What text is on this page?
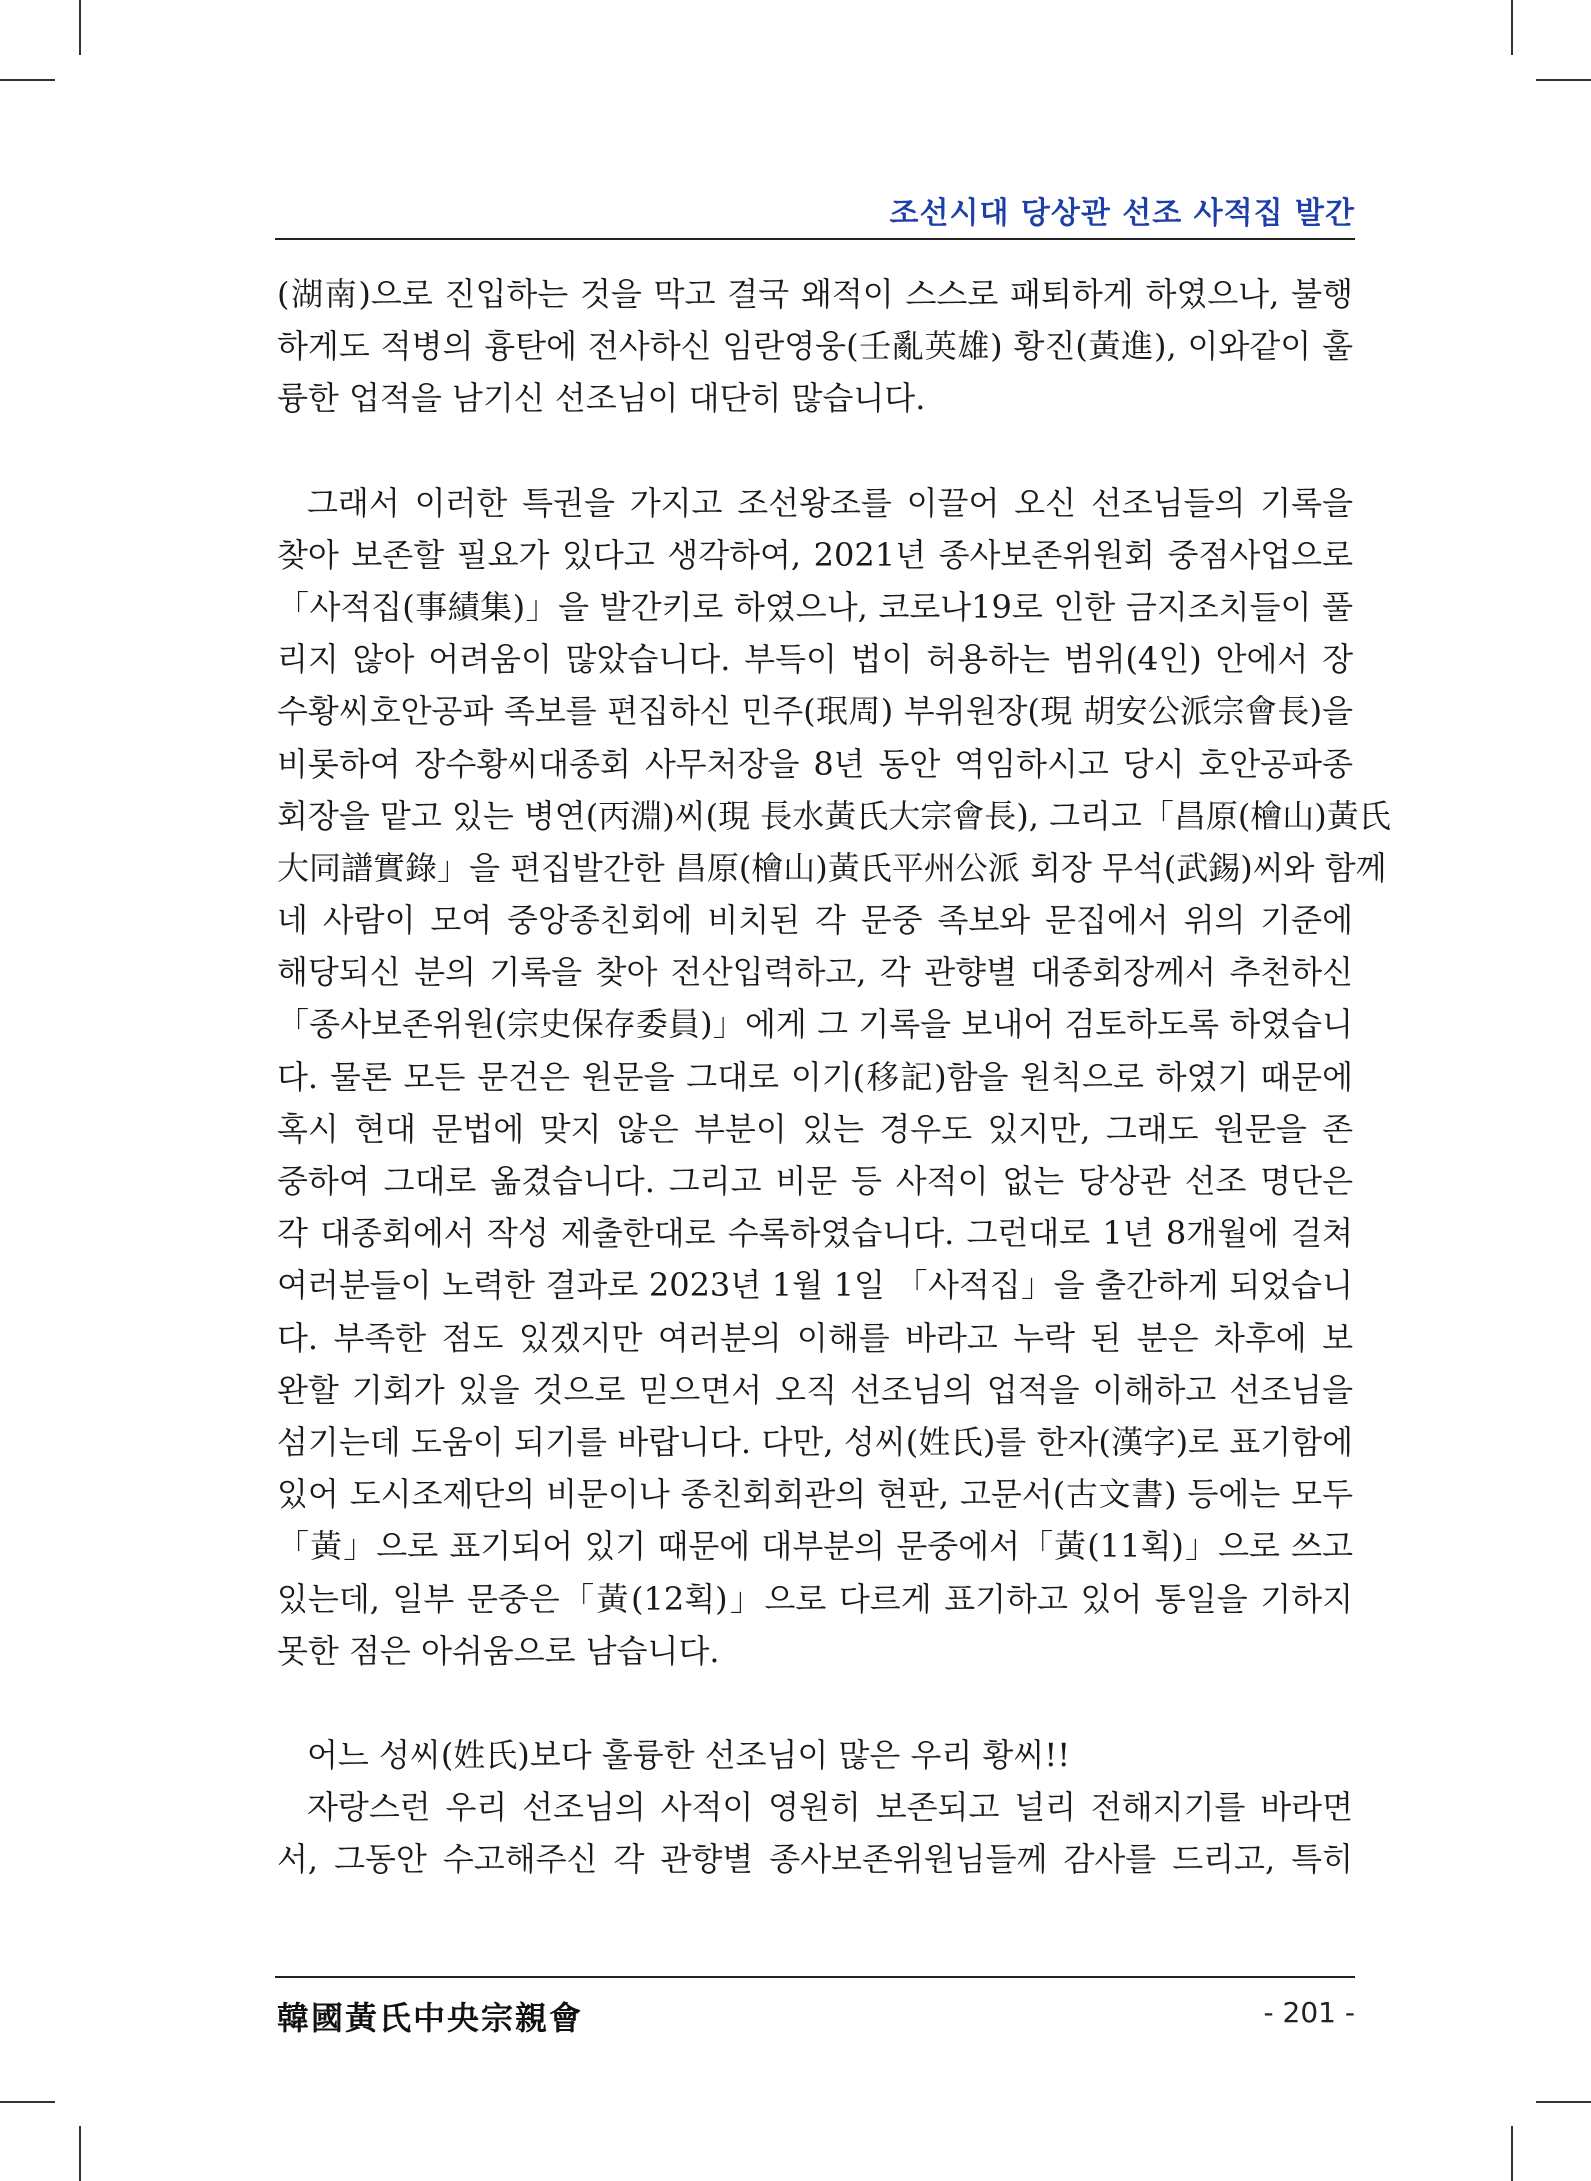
조선시대 당상관 선조 사적집 발간
(湖南)으로 진입하는 것을 막고 결국 왜적이 스스로 패퇴하게 하였으나, 불행
하게도 적병의 흉탄에 전사하신 임란영웅(壬亂英雄) 황진(黃進), 이와같이 훌
륭한 업적을 남기신 선조님이 대단히 많습니다.
그래서 이러한 특권을 가지고 조선왕조를 이끌어 오신 선조님들의 기록을
찾아 보존할 필요가 있다고 생각하여, 2021년 종사보존위원회 중점사업으로
「사적집(事績集)」을 발간키로 하였으나, 코로나19로 인한 금지조치들이 풀
리지 않아 어려움이 많았습니다. 부득이 법이 허용하는 범위(4인) 안에서 장
수황씨호안공파 족보를 편집하신 민주(珉周) 부위원장(現 胡安公派宗會長)을
비롯하여 장수황씨대종회 사무처장을 8년 동안 역임하시고 당시 호안공파종
회장을 맡고 있는 병연(丙淵)씨(現 長水黃氏大宗會長), 그리고「昌原(檜山)黃氏
大同譜實錄」을 편집발간한 昌原(檜山)黃氏平州公派 회장 무석(武錫)씨와 함께
네 사람이 모여 중앙종친회에 비치된 각 문중 족보와 문집에서 위의 기준에
해당되신 분의 기록을 찾아 전산입력하고, 각 관향별 대종회장께서 추천하신
「종사보존위원(宗史保存委員)」에게 그 기록을 보내어 검토하도록 하였습니
다. 물론 모든 문건은 원문을 그대로 이기(移記)함을 원칙으로 하였기 때문에
혹시 현대 문법에 맞지 않은 부분이 있는 경우도 있지만, 그래도 원문을 존
중하여 그대로 옮겼습니다. 그리고 비문 등 사적이 없는 당상관 선조 명단은
각 대종회에서 작성 제출한대로 수록하였습니다. 그런대로 1년 8개월에 걸쳐
여러분들이 노력한 결과로 2023년 1월 1일 「사적집」을 출간하게 되었습니
다. 부족한 점도 있겠지만 여러분의 이해를 바라고 누락 된 분은 차후에 보
완할 기회가 있을 것으로 믿으면서 오직 선조님의 업적을 이해하고 선조님을
섬기는데 도움이 되기를 바랍니다. 다만, 성씨(姓氏)를 한자(漢字)로 표기함에
있어 도시조제단의 비문이나 종친회회관의 현판, 고문서(古文書) 등에는 모두
「黃」으로 표기되어 있기 때문에 대부분의 문중에서「黃(11획)」으로 쓰고
있는데, 일부 문중은「黃(12획)」으로 다르게 표기하고 있어 통일을 기하지
못한 점은 아쉬움으로 남습니다.
어느 성씨(姓氏)보다 훌륭한 선조님이 많은 우리 황씨!!
자랑스런 우리 선조님의 사적이 영원히 보존되고 널리 전해지기를 바라면
서, 그동안 수고해주신 각 관향별 종사보존위원님들께 감사를 드리고, 특히
韓國黃氏中央宗親會	- 201 -
